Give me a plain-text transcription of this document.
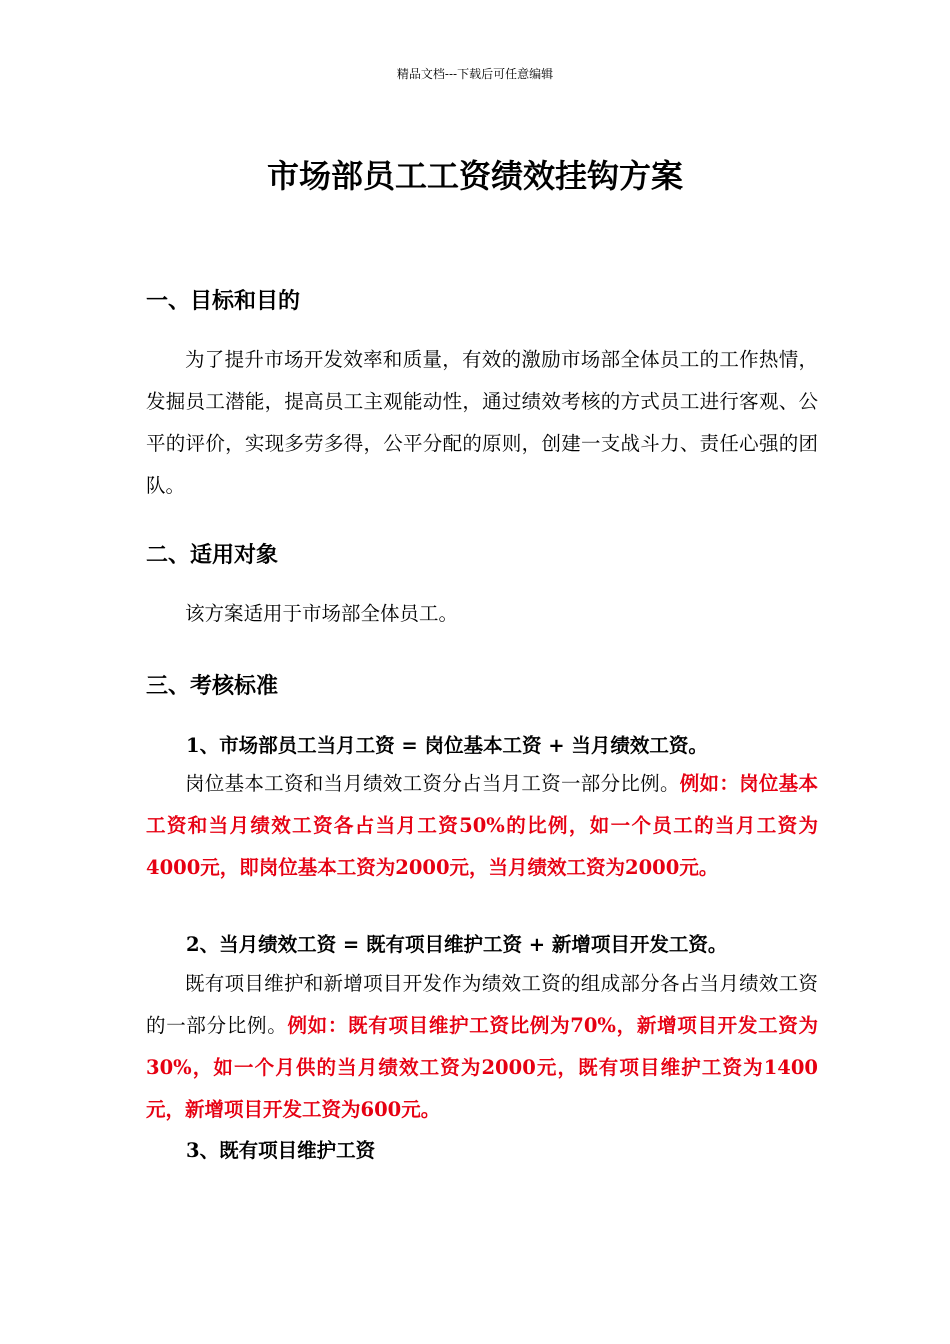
精品文档---下载后可任意编辑
市场部员工工资绩效挂钩方案
一、目标和目的

为了提升市场开发效率和质量，有效的激励市场部全体员工的工作热情，发掘员工潜能，提高员工主观能动性，通过绩效考核的方式员工进行客观、公平的评价，实现多劳多得，公平分配的原则，创建一支战斗力、责任心强的团队。

二、适用对象

该方案适用于市场部全体员工。

三、考核标准
1、市场部员工当月工资 = 岗位基本工资 + 当月绩效工资。

岗位基本工资和当月绩效工资分占当月工资一部分比例。例如：岗位基本工资和当月绩效工资各占当月工资50%的比例，如一个员工的当月工资为4000元，即岗位基本工资为2000元，当月绩效工资为2000元。

2、当月绩效工资 = 既有项目维护工资 + 新增项目开发工资。

既有项目维护和新增项目开发作为绩效工资的组成部分各占当月绩效工资的一部分比例。例如：既有项目维护工资比例为70%，新增项目开发工资为30%，如一个月供的当月绩效工资为2000元，既有项目维护工资为1400元，新增项目开发工资为600元。

3、既有项目维护工资
